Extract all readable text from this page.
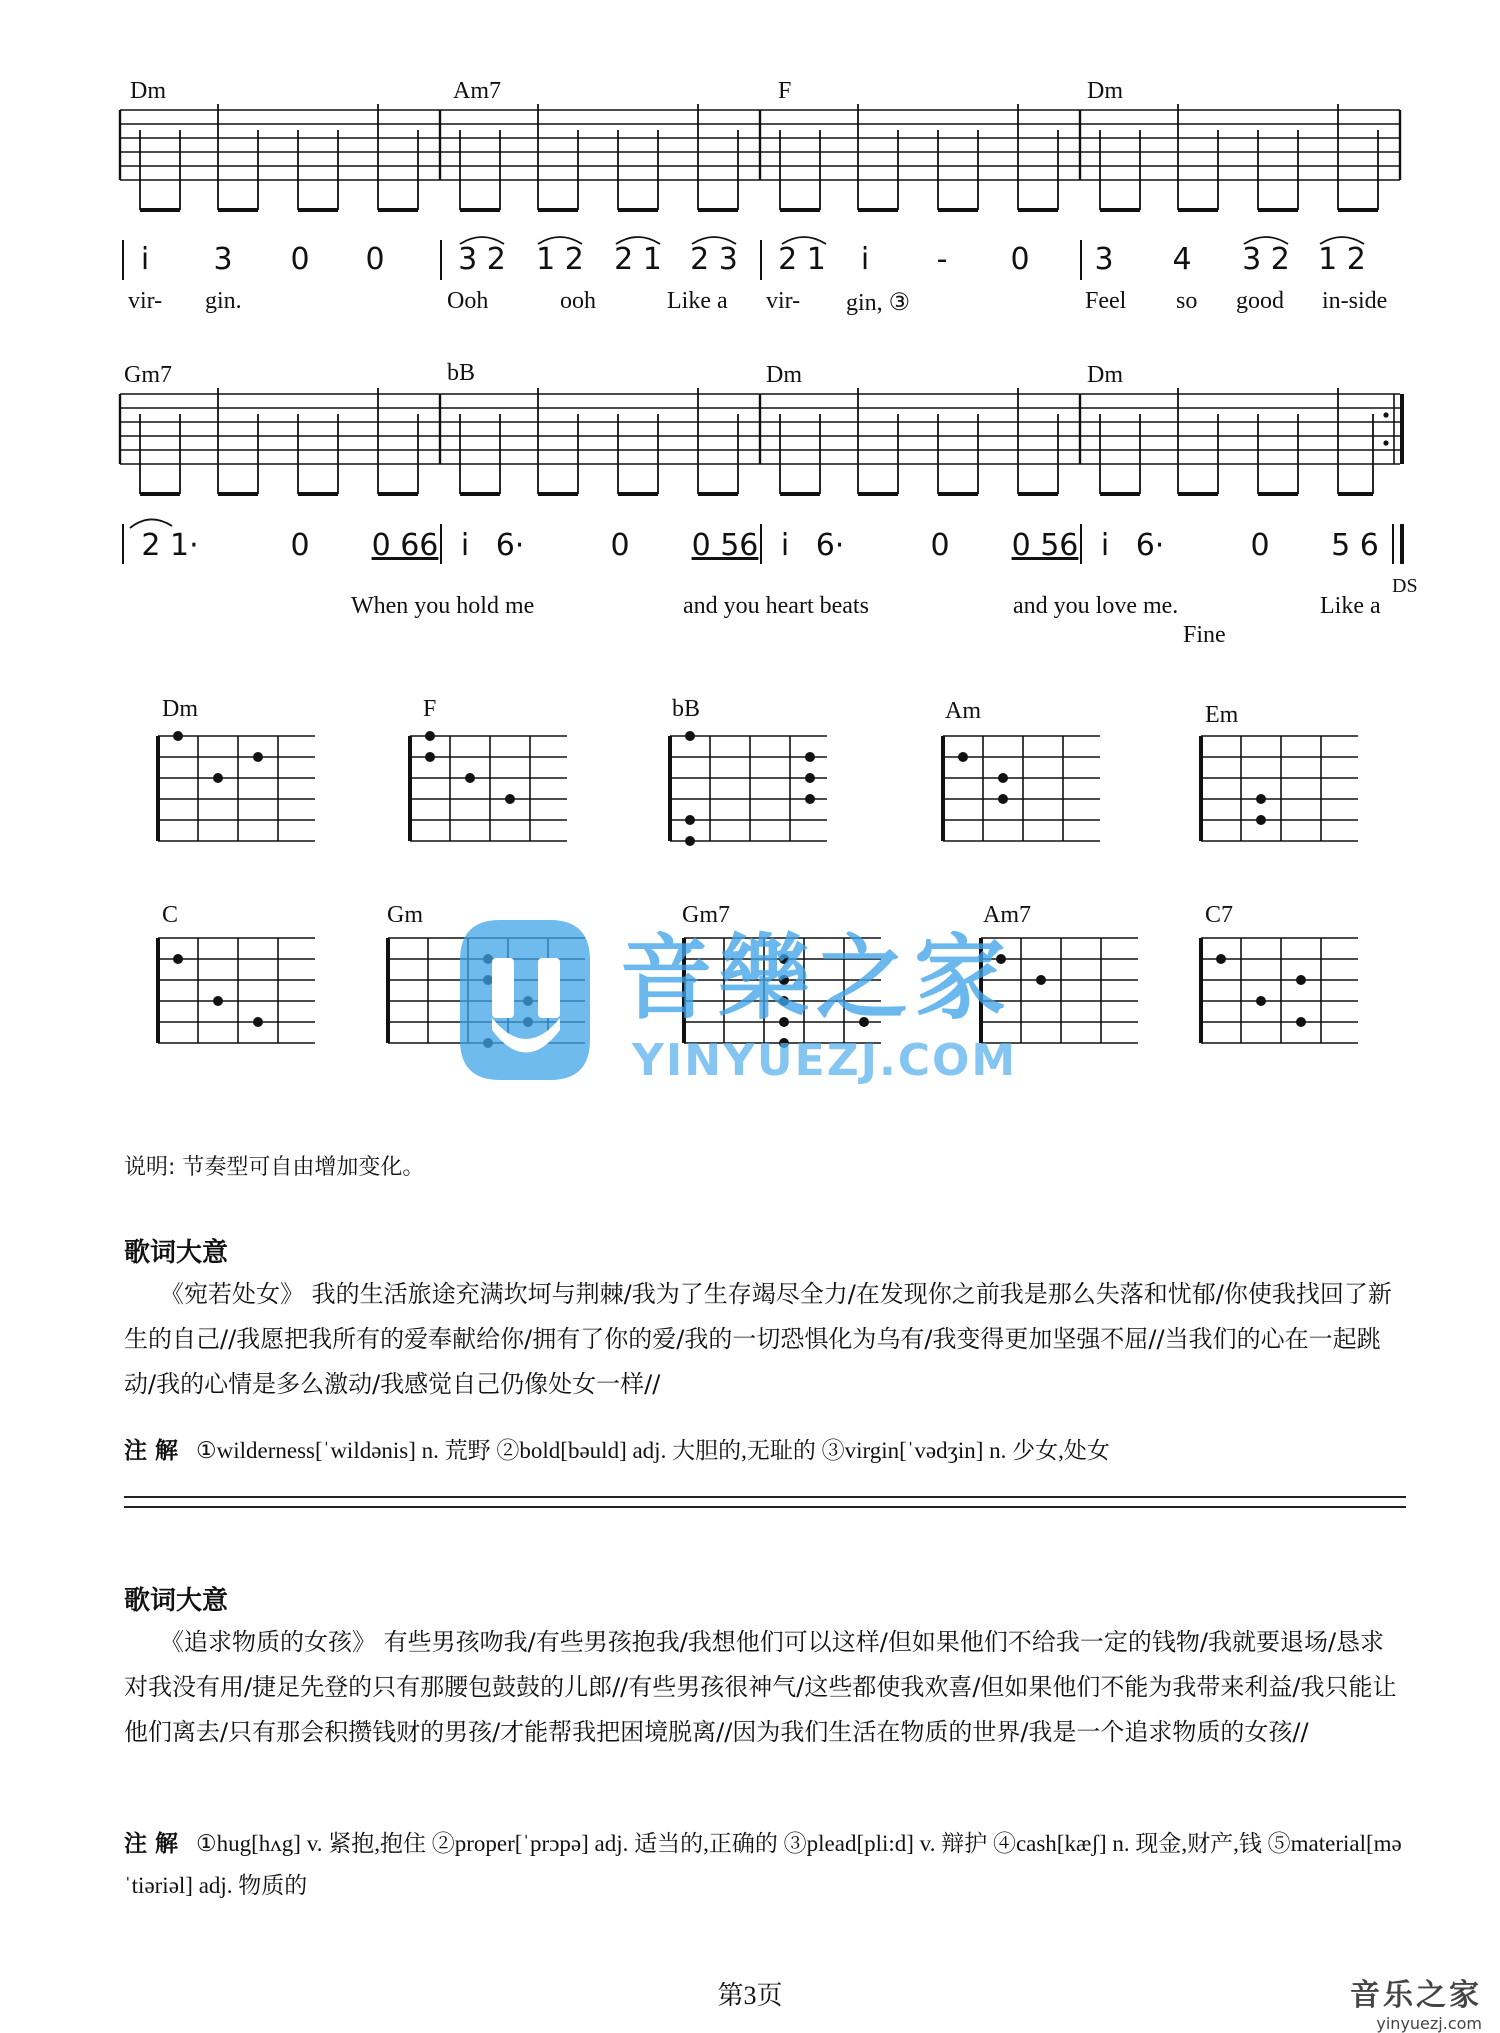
Dm	Am7	F	Dm
i 3 0 0 3 2 1 2 2 1 2 3 2 1 i - 0 3 4 3 2 1 2
vir- gin.	Ooh	ooh	Like a vir- gin, ③	Feel so good in-side
Gm7	bB	Dm	Dm
2 1·	0 0 66 i 6·	0 0 56 i 6·	0 0 56 i 6·	0 5 6
When you hold me	and you heart beats	and you love me.	Like a
DS
Fine
Dm	F	bB	Am	Em
C	Gm	Gm7	Am7	C7
音樂之家
YINYUEZJ.COM
说明: 节奏型可自由增加变化。
歌词大意
《宛若处女》 我的生活旅途充满坎坷与荆棘/我为了生存竭尽全力/在发现你之前我是那么失落和忧郁/你使我找回了新生的自己//我愿把我所有的爱奉献给你/拥有了你的爱/我的一切恐惧化为乌有/我变得更加坚强不屈//当我们的心在一起跳动/我的心情是多么激动/我感觉自己仍像处女一样//
注 解 ①wilderness[ˈwildənis] n. 荒野 ②bold[bəuld] adj. 大胆的,无耻的 ③virgin[ˈvədʒin] n. 少女,处女
歌词大意
《追求物质的女孩》 有些男孩吻我/有些男孩抱我/我想他们可以这样/但如果他们不给我一定的钱物/我就要退场/恳求对我没有用/捷足先登的只有那腰包鼓鼓的儿郎//有些男孩很神气/这些都使我欢喜/但如果他们不能为我带来利益/我只能让他们离去/只有那会积攒钱财的男孩/才能帮我把困境脱离//因为我们生活在物质的世界/我是一个追求物质的女孩//
注 解 ①hug[hʌg] v. 紧抱,抱住 ②proper[ˈprɔpə] adj. 适当的,正确的 ③plead[pli:d] v. 辩护 ④cash[kæʃ] n. 现金,财产,钱 ⑤material[məˈtiəriəl] adj. 物质的
第3页	音乐之家
yinyuezj.com
